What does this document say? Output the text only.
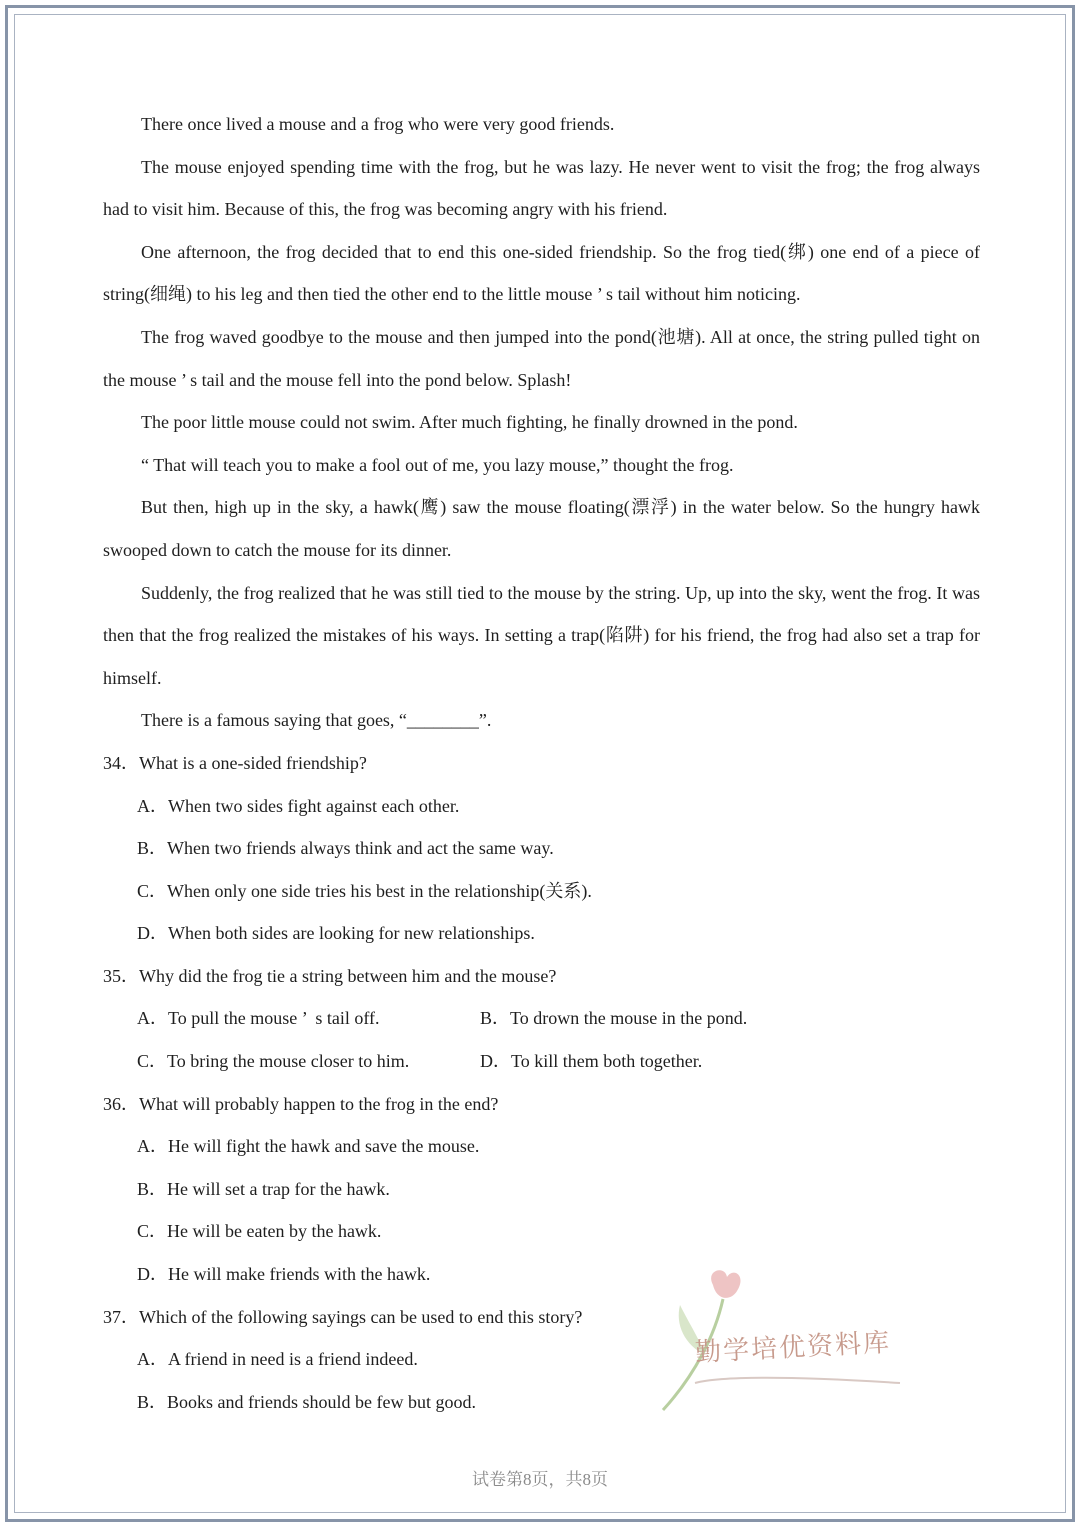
There once lived a mouse and a frog who were very good friends.

The mouse enjoyed spending time with the frog, but he was lazy. He never went to visit the frog; the frog always had to visit him. Because of this, the frog was becoming angry with his friend.

One afternoon, the frog decided that to end this one-sided friendship. So the frog tied(绑) one end of a piece of string(细绳) to his leg and then tied the other end to the little mouse ’ s tail without him noticing.

The frog waved goodbye to the mouse and then jumped into the pond(池塘). All at once, the string pulled tight on the mouse ’ s tail and the mouse fell into the pond below. Splash!

The poor little mouse could not swim. After much fighting, he finally drowned in the pond.

“ That will teach you to make a fool out of me, you lazy mouse,” thought the frog.

But then, high up in the sky, a hawk(鹰) saw the mouse floating(漂浮) in the water below. So the hungry hawk swooped down to catch the mouse for its dinner.

Suddenly, the frog realized that he was still tied to the mouse by the string. Up, up into the sky, went the frog. It was then that the frog realized the mistakes of his ways. In setting a trap(陷阱) for his friend, the frog had also set a trap for himself.

There is a famous saying that goes, “________”.

34．What is a one-sided friendship?

A．When two sides fight against each other.

B．When two friends always think and act the same way.

C．When only one side tries his best in the relationship(关系).

D．When both sides are looking for new relationships.

35．Why did the frog tie a string between him and the mouse?

A．To pull the mouse ’  s tail off.	B．To drown the mouse in the pond.
C．To bring the mouse closer to him.	D．To kill them both together.

36．What will probably happen to the frog in the end?

A．He will fight the hawk and save the mouse.

B．He will set a trap for the hawk.

C．He will be eaten by the hawk.

D．He will make friends with the hawk.

37．Which of the following sayings can be used to end this story?

A．A friend in need is a friend indeed.

B．Books and friends should be few but good.

勤学培优资料库
试卷第8页，共8页
